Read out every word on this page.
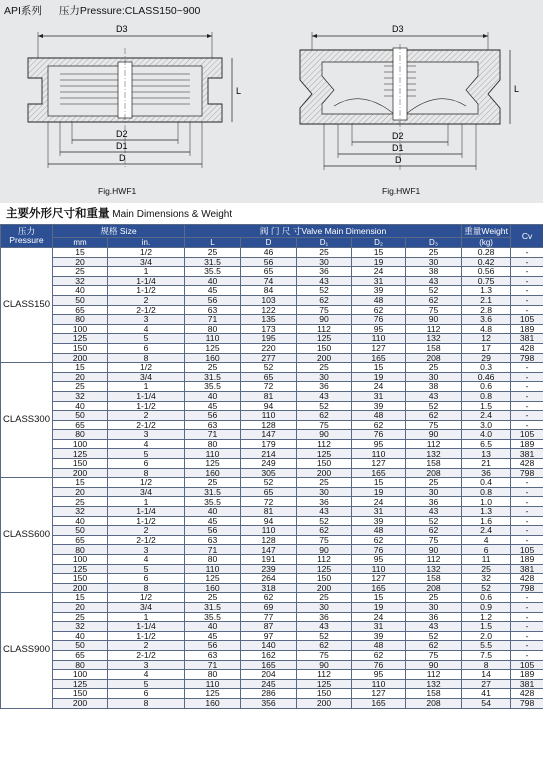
API系列 压力Pressure:CLASS150~900
L
D3
D2
D1
D
Fig.HWF1
L
D3
D2
D1
D
Fig.HWF1
主要外形尺寸和重量 Main Dimensions & Weight
压力
Pressure	规格 Size		阀 门 尺 寸Valve Main Dimension					重量Weight	Cv
	mm	in.	L	D	D₁	D₂	D₃	(kg)	
CLASS150	15	1/2	25	46	25	15	25	0.28	-
	20	3/4	31.5	56	30	19	30	0.42	-
	25	1	35.5	65	36	24	38	0.56	-
	32	1-1/4	40	74	43	31	43	0.75	-
	40	1-1/2	45	84	52	39	52	1.3	-
	50	2	56	103	62	48	62	2.1	-
	65	2-1/2	63	122	75	62	75	2.8	-
	80	3	71	135	90	76	90	3.6	105
	100	4	80	173	112	95	112	4.8	189
	125	5	110	195	125	110	132	12	381
	150	6	125	220	150	127	158	17	428
	200	8	160	277	200	165	208	29	798
CLASS300	15	1/2	25	52	25	15	25	0.3	-
	20	3/4	31.5	65	30	19	30	0.46	-
	25	1	35.5	72	36	24	38	0.6	-
	32	1-1/4	40	81	43	31	43	0.8	-
	40	1-1/2	45	94	52	39	52	1.5	-
	50	2	56	110	62	48	62	2.4	-
	65	2-1/2	63	128	75	62	75	3.0	-
	80	3	71	147	90	76	90	4.0	105
	100	4	80	179	112	95	112	6.5	189
	125	5	110	214	125	110	132	13	381
	150	6	125	249	150	127	158	21	428
	200	8	160	305	200	165	208	36	798
CLASS600	15	1/2	25	52	25	15	25	0.4	-
	20	3/4	31.5	65	30	19	30	0.8	-
	25	1	35.5	72	36	24	36	1.0	-
	32	1-1/4	40	81	43	31	43	1.3	-
	40	1-1/2	45	94	52	39	52	1.6	-
	50	2	56	110	62	48	62	2.4	-
	65	2-1/2	63	128	75	62	75	4	-
	80	3	71	147	90	76	90	6	105
	100	4	80	191	112	95	112	11	189
	125	5	110	239	125	110	132	25	381
	150	6	125	264	150	127	158	32	428
	200	8	160	318	200	165	208	52	798
CLASS900	15	1/2	25	62	25	15	25	0.6	-
	20	3/4	31.5	69	30	19	30	0.9	-
	25	1	35.5	77	36	24	36	1.2	-
	32	1-1/4	40	87	43	31	43	1.5	-
	40	1-1/2	45	97	52	39	52	2.0	-
	50	2	56	140	62	48	62	5.5	-
	65	2-1/2	63	162	75	62	75	7.5	-
	80	3	71	165	90	76	90	8	105
	100	4	80	204	112	95	112	14	189
	125	5	110	245	125	110	132	27	381
	150	6	125	286	150	127	158	41	428
	200	8	160	356	200	165	208	54	798
